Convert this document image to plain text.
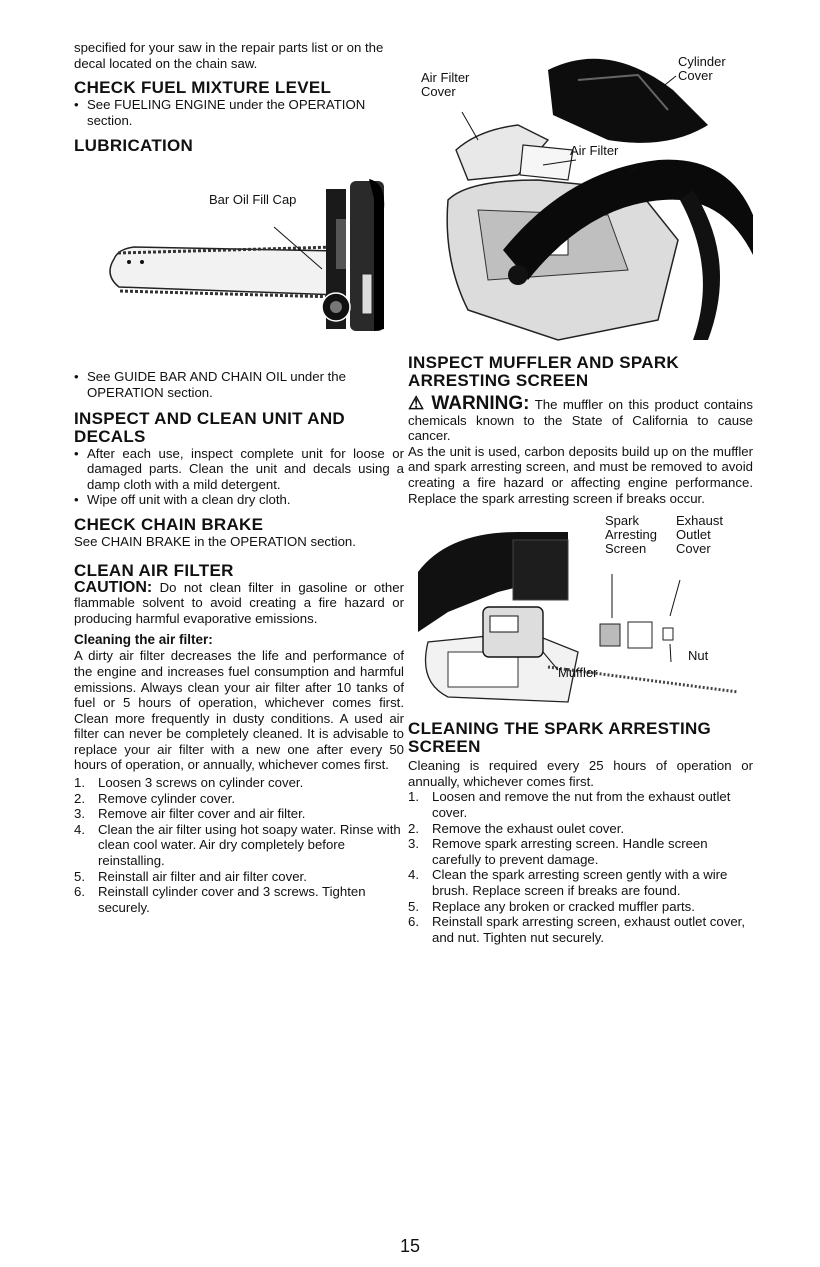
specified for your saw in the repair parts list or on the decal located on the chain saw.

CHECK FUEL MIXTURE LEVEL
• See FUELING ENGINE under the OPERATION section.
LUBRICATION
Bar Oil Fill Cap
• See GUIDE BAR AND CHAIN OIL under the OPERATION section.
INSPECT AND CLEAN UNIT AND DECALS
• After each use, inspect complete unit for loose or damaged parts. Clean the unit and decals using a damp cloth with a mild detergent.
• Wipe off unit with a clean dry cloth.
CHECK CHAIN BRAKE

See CHAIN BRAKE in the OPERATION section.

CLEAN AIR FILTER

CAUTION: Do not clean filter in gasoline or other flammable solvent to avoid creating a fire hazard or producing harmful evaporative emissions.

Cleaning the air filter:

A dirty air filter decreases the life and performance of the engine and increases fuel consumption and harmful emissions. Always clean your air filter after 10 tanks of fuel or 5 hours of operation, whichever comes first. Clean more frequently in dusty conditions. A used air filter can never be completely cleaned. It is advisable to replace your air filter with a new one after every 50 hours of operation, or annually, whichever comes first.

1. Loosen 3 screws on cylinder cover.
2. Remove cylinder cover.
3. Remove air filter cover and air filter.
4. Clean the air filter using hot soapy water. Rinse with clean cool water. Air dry completely before reinstalling.
5. Reinstall air filter and air filter cover.
6. Reinstall cylinder cover and 3 screws. Tighten securely.
Air Filter Cover
Cylinder Cover
Air Filter
INSPECT MUFFLER AND SPARK ARRESTING SCREEN

⚠ WARNING: The muffler on this product contains chemicals known to the State of California to cause cancer.

As the unit is used, carbon deposits build up on the muffler and spark arresting screen, and must be removed to avoid creating a fire hazard or affecting engine performance. Replace the spark arresting screen if breaks occur.

Spark Arresting Screen
Exhaust Outlet Cover
Nut
Muffler
CLEANING THE SPARK ARRESTING SCREEN

Cleaning is required every 25 hours of operation or annually, whichever comes first.

1. Loosen and remove the nut from the exhaust outlet cover.
2. Remove the exhaust oulet cover.
3. Remove spark arresting screen. Handle screen carefully to prevent damage.
4. Clean the spark arresting screen gently with a wire brush. Replace screen if breaks are found.
5. Replace any broken or cracked muffler parts.
6. Reinstall spark arresting screen, exhaust outlet cover, and nut. Tighten nut securely.
15
